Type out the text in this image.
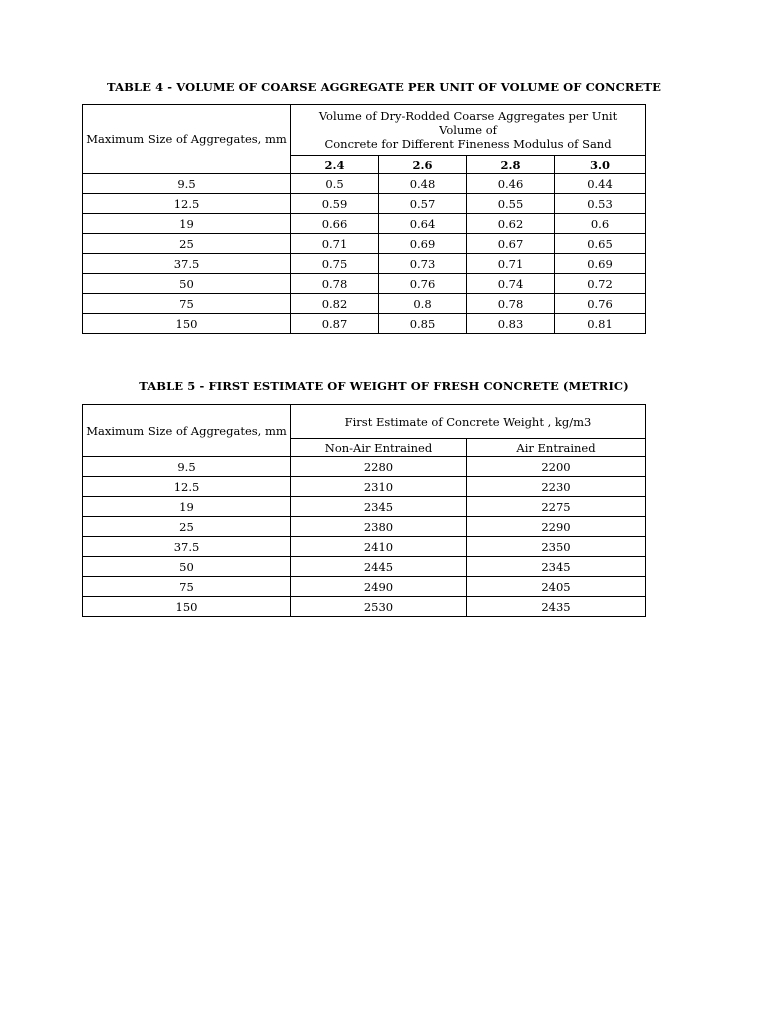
TABLE 4 - VOLUME OF COARSE AGGREGATE PER UNIT OF VOLUME OF CONCRETE
Maximum Size of Aggregates, mm	Volume of Dry-Rodded Coarse Aggregates per Unit Volume of
Concrete for Different Fineness Modulus of Sand			

	2.4	2.6	2.8	3.0
9.5	0.5	0.48	0.46	0.44
12.5	0.59	0.57	0.55	0.53
19	0.66	0.64	0.62	0.6
25	0.71	0.69	0.67	0.65
37.5	0.75	0.73	0.71	0.69
50	0.78	0.76	0.74	0.72
75	0.82	0.8	0.78	0.76
150	0.87	0.85	0.83	0.81
TABLE 5 - FIRST ESTIMATE OF WEIGHT OF FRESH CONCRETE (METRIC)
Maximum Size of Aggregates, mm	First Estimate of Concrete Weight , kg/m3	
	Non-Air Entrained	Air Entrained
9.5	2280	2200
12.5	2310	2230
19	2345	2275
25	2380	2290
37.5	2410	2350
50	2445	2345
75	2490	2405
150	2530	2435
